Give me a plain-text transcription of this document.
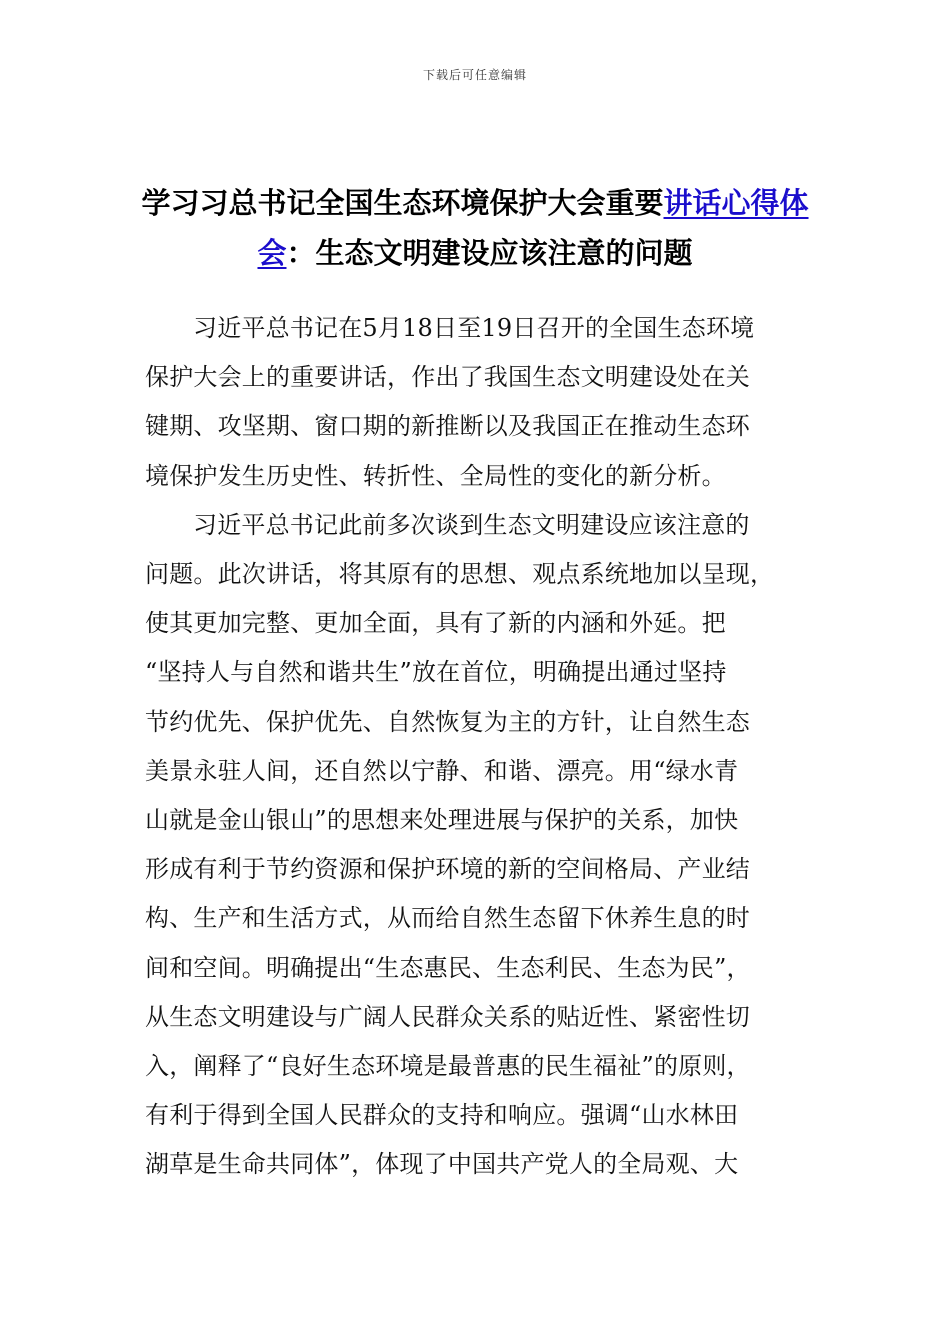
下载后可任意编辑
学习习总书记全国生态环境保护大会重要讲话心得体
会：生态文明建设应该注意的问题
习近平总书记在5月18日至19日召开的全国生态环境
保护大会上的重要讲话，作出了我国生态文明建设处在关
键期、攻坚期、窗口期的新推断以及我国正在推动生态环
境保护发生历史性、转折性、全局性的变化的新分析。
习近平总书记此前多次谈到生态文明建设应该注意的
问题。此次讲话，将其原有的思想、观点系统地加以呈现，
使其更加完整、更加全面，具有了新的内涵和外延。把
“坚持人与自然和谐共生”放在首位，明确提出通过坚持
节约优先、保护优先、自然恢复为主的方针，让自然生态
美景永驻人间，还自然以宁静、和谐、漂亮。用“绿水青
山就是金山银山”的思想来处理进展与保护的关系，加快
形成有利于节约资源和保护环境的新的空间格局、产业结
构、生产和生活方式，从而给自然生态留下休养生息的时
间和空间。明确提出“生态惠民、生态利民、生态为民”，
从生态文明建设与广阔人民群众关系的贴近性、紧密性切
入，阐释了“良好生态环境是最普惠的民生福祉”的原则，
有利于得到全国人民群众的支持和响应。强调“山水林田
湖草是生命共同体”，体现了中国共产党人的全局观、大
